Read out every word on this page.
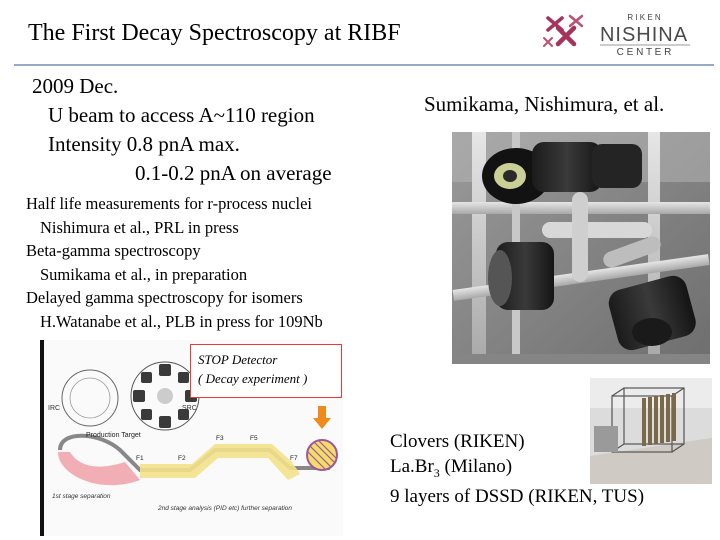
The First Decay Spectroscopy at RIBF
R I K E N
NISHINA
C E N T E R
2009 Dec.
U beam to access A~110 region
Intensity 0.8 pnA max.
0.1-0.2 pnA on average
Sumikama, Nishimura, et al.
Half life measurements for r-process nuclei
Nishimura et al., PRL in press
Beta-gamma spectroscopy
Sumikama et al., in preparation
Delayed gamma spectroscopy for isomers
H.Watanabe et al., PLB in press for 109Nb
IRC	SRC
F1	F2
F3	F5
F7
Production Target
1st stage separation
2nd stage analysis (PID etc) further separation
STOP Detector
( Decay experiment )
Clovers (RIKEN)
$La.Br_3$ (Milano)
9 layers of DSSD (RIKEN, TUS)
